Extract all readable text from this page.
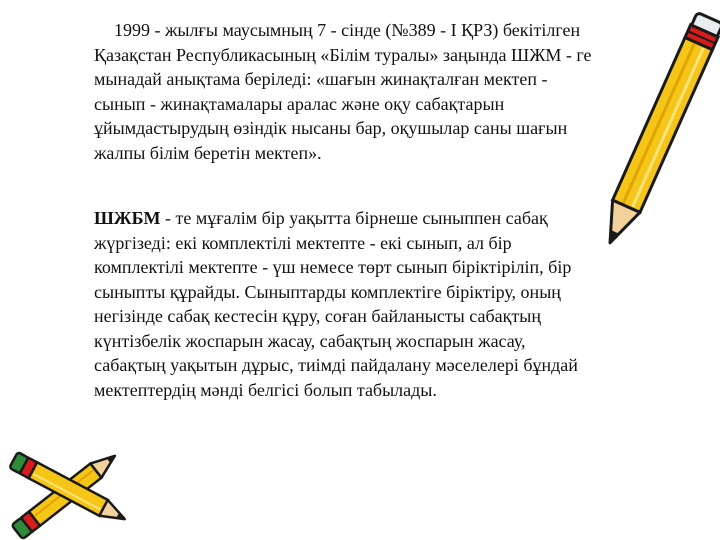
1999 - жылғы маусымның 7 - сінде (№389 - I ҚРЗ) бекітілген
Қазақстан Республикасының «Білім туралы» заңында ШЖМ - ге
мынадай анықтама беріледі: «шағын жинақталған мектеп -
сынып - жинақтамалары аралас және оқу сабақтарын
ұйымдастырудың өзіндік нысаны бар, оқушылар саны шағын
жалпы білім беретін мектеп».

ШЖБМ - те мұғалім бір уақытта бірнеше сыныппен сабақ
жүргізеді: екі комплектілі мектепте - екі сынып, ал бір
комплектілі мектепте - үш немесе төрт сынып біріктіріліп, бір
сыныпты құрайды. Сыныптарды комплектіге біріктіру, оның
негізінде сабақ кестесін құру, соған байланысты сабақтың
күнтізбелік жоспарын жасау, сабақтың жоспарын жасау,
сабақтың уақытын дұрыс, тиімді пайдалану мәселелері бұндай
мектептердің мәнді белгісі болып табылады.
